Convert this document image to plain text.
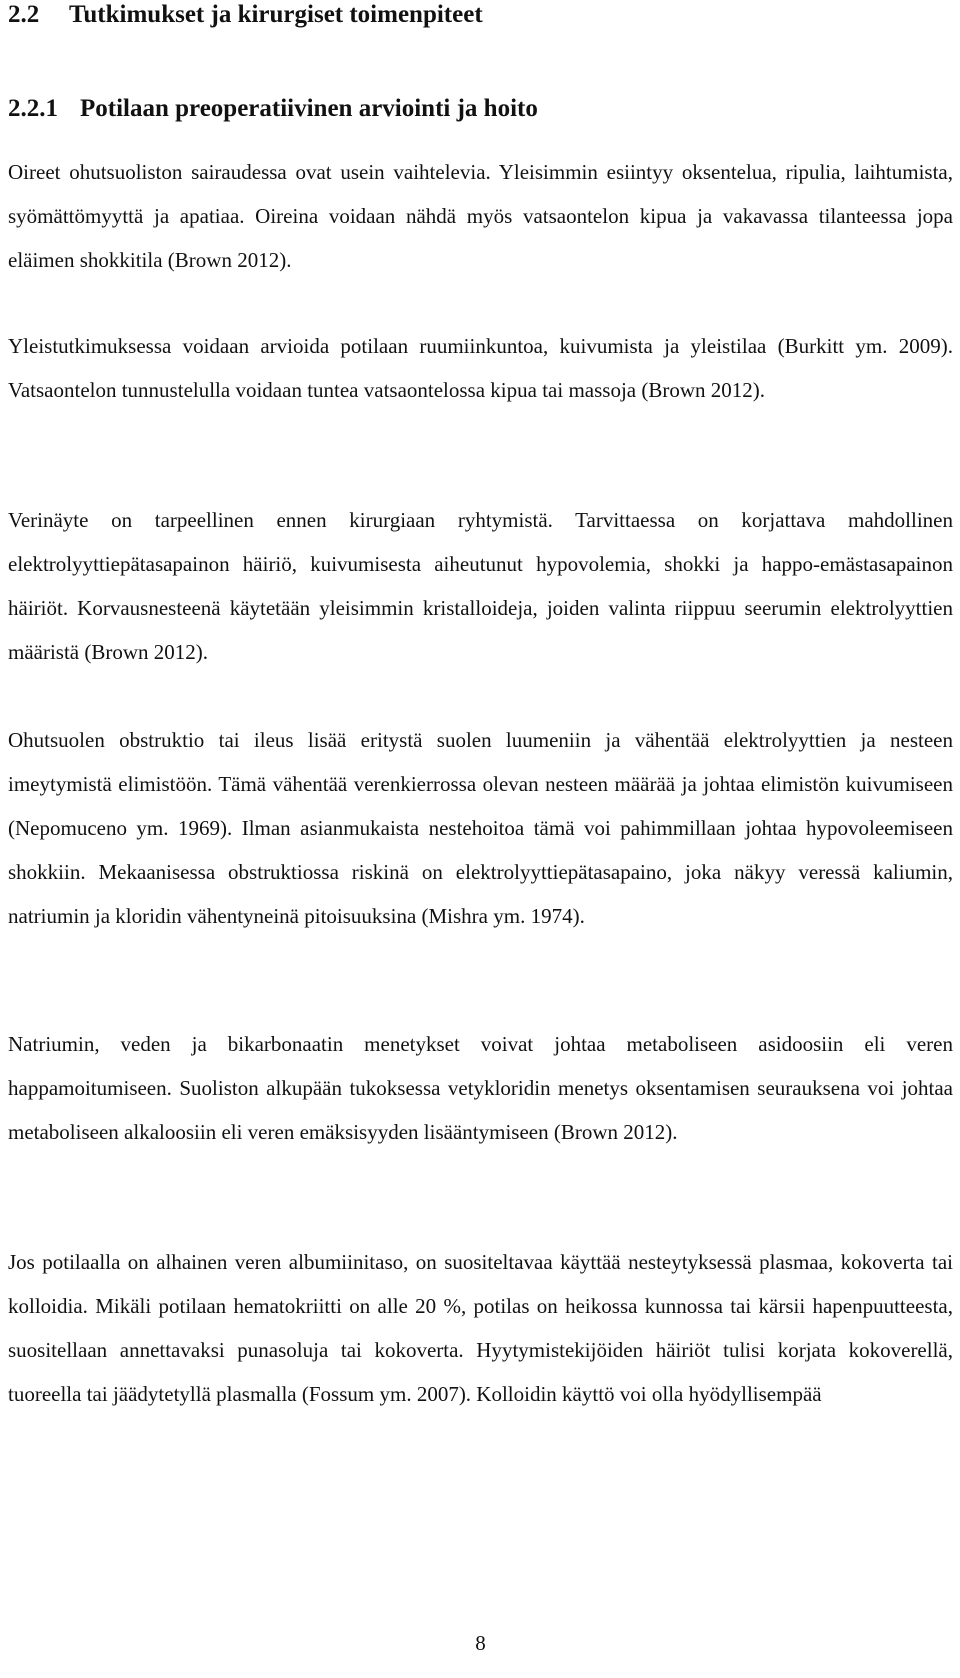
2.2 Tutkimukset ja kirurgiset toimenpiteet
2.2.1 Potilaan preoperatiivinen arviointi ja hoito

Oireet ohutsuoliston sairaudessa ovat usein vaihtelevia. Yleisimmin esiintyy oksentelua, ripulia, laihtumista, syömättömyyttä ja apatiaa. Oireina voidaan nähdä myös vatsaontelon kipua ja vakavassa tilanteessa jopa eläimen shokkitila (Brown 2012).

Yleistutkimuksessa voidaan arvioida potilaan ruumiinkuntoa, kuivumista ja yleistilaa (Burkitt ym. 2009). Vatsaontelon tunnustelulla voidaan tuntea vatsaontelossa kipua tai massoja (Brown 2012).

Verinäyte on tarpeellinen ennen kirurgiaan ryhtymistä. Tarvittaessa on korjattava mahdollinen elektrolyyttiepätasapainon häiriö, kuivumisesta aiheutunut hypovolemia, shokki ja happo-emästasapainon häiriöt. Korvausnesteenä käytetään yleisimmin kristalloideja, joiden valinta riippuu seerumin elektrolyyttien määristä (Brown 2012).

Ohutsuolen obstruktio tai ileus lisää eritystä suolen luumeniin ja vähentää elektrolyyttien ja nesteen imeytymistä elimistöön. Tämä vähentää verenkierrossa olevan nesteen määrää ja johtaa elimistön kuivumiseen (Nepomuceno ym. 1969). Ilman asianmukaista nestehoitoa tämä voi pahimmillaan johtaa hypovoleemiseen shokkiin. Mekaanisessa obstruktiossa riskinä on elektrolyyttiepätasapaino, joka näkyy veressä kaliumin, natriumin ja kloridin vähentyneinä pitoisuuksina (Mishra ym. 1974).

Natriumin, veden ja bikarbonaatin menetykset voivat johtaa metaboliseen asidoosiin eli veren happamoitumiseen. Suoliston alkupään tukoksessa vetykloridin menetys oksentamisen seurauksena voi johtaa metaboliseen alkaloosiin eli veren emäksisyyden lisääntymiseen (Brown 2012).

Jos potilaalla on alhainen veren albumiinitaso, on suositeltavaa käyttää nesteytyksessä plasmaa, kokoverta tai kolloidia. Mikäli potilaan hematokriitti on alle 20 %, potilas on heikossa kunnossa tai kärsii hapenpuutteesta, suositellaan annettavaksi punasoluja tai kokoverta. Hyytymistekijöiden häiriöt tulisi korjata kokoverellä, tuoreella tai jäädytetyllä plasmalla (Fossum ym. 2007). Kolloidin käyttö voi olla hyödyllisempää

8
